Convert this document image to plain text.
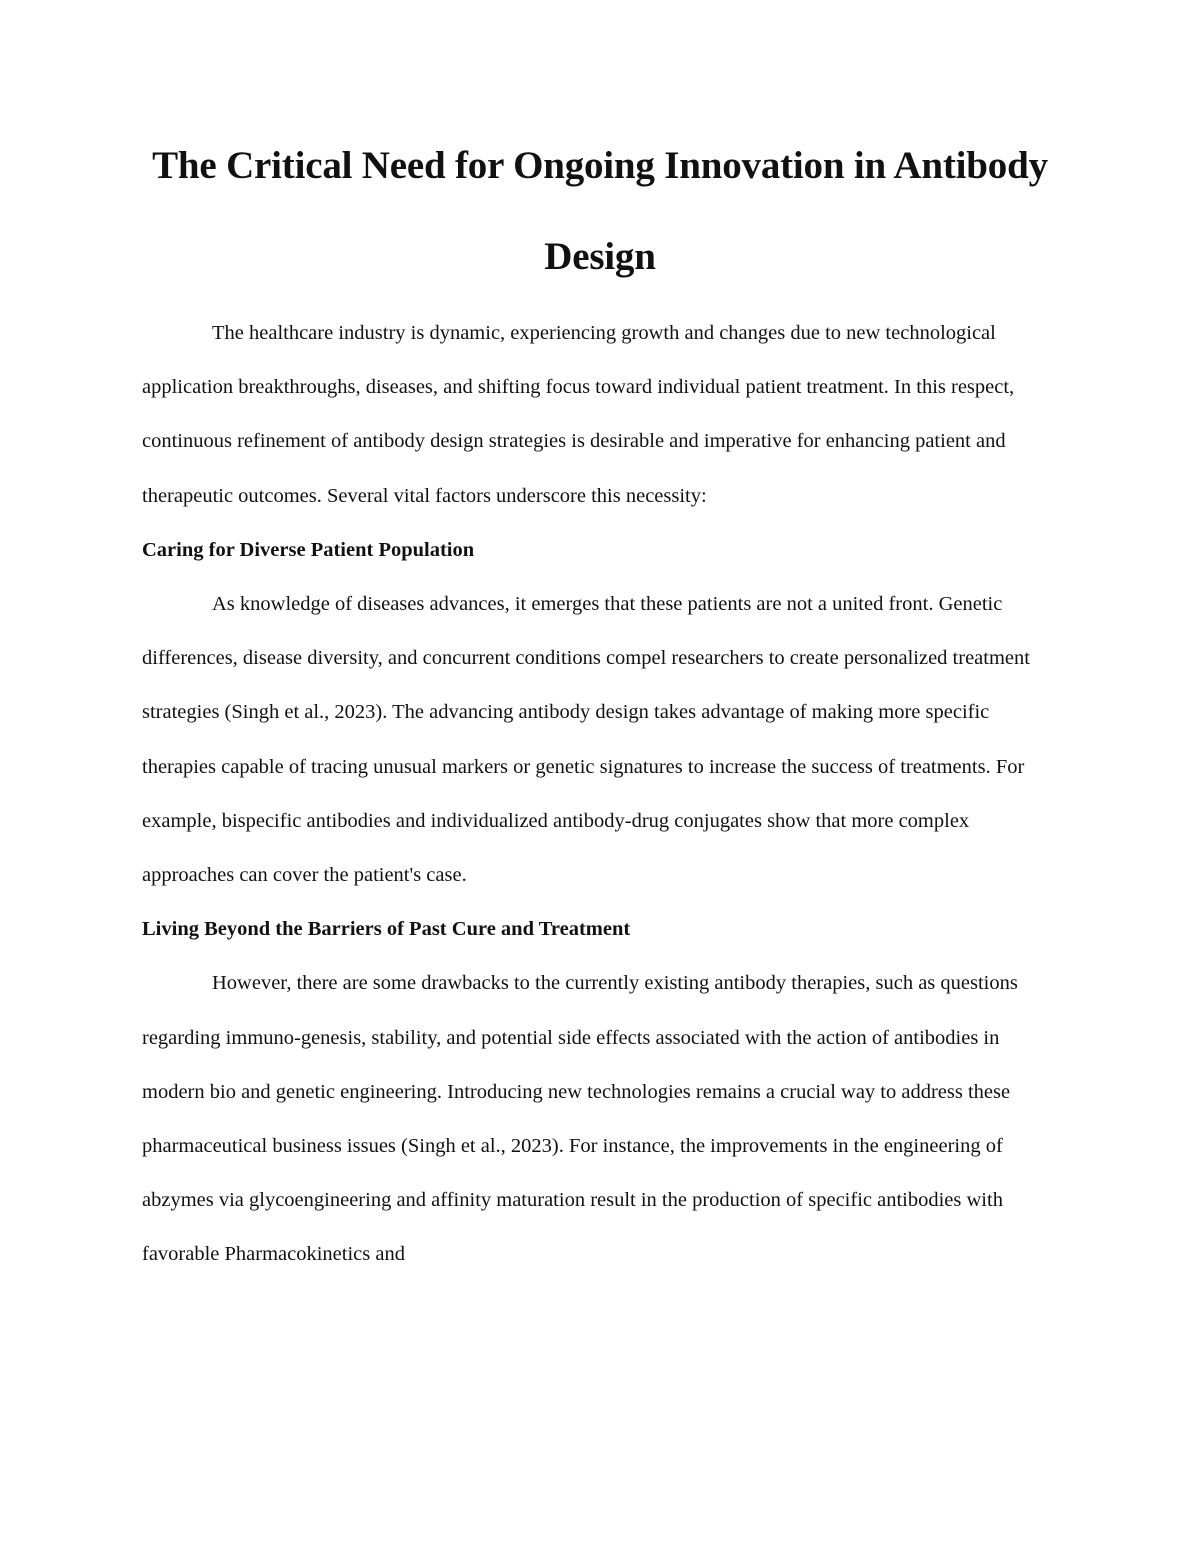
The Critical Need for Ongoing Innovation in Antibody Design

The healthcare industry is dynamic, experiencing growth and changes due to new technological application breakthroughs, diseases, and shifting focus toward individual patient treatment. In this respect, continuous refinement of antibody design strategies is desirable and imperative for enhancing patient and therapeutic outcomes. Several vital factors underscore this necessity:

Caring for Diverse Patient Population

As knowledge of diseases advances, it emerges that these patients are not a united front. Genetic differences, disease diversity, and concurrent conditions compel researchers to create personalized treatment strategies (Singh et al., 2023). The advancing antibody design takes advantage of making more specific therapies capable of tracing unusual markers or genetic signatures to increase the success of treatments. For example, bispecific antibodies and individualized antibody-drug conjugates show that more complex approaches can cover the patient's case.

Living Beyond the Barriers of Past Cure and Treatment

However, there are some drawbacks to the currently existing antibody therapies, such as questions regarding immuno-genesis, stability, and potential side effects associated with the action of antibodies in modern bio and genetic engineering. Introducing new technologies remains a crucial way to address these pharmaceutical business issues (Singh et al., 2023). For instance, the improvements in the engineering of abzymes via glycoengineering and affinity maturation result in the production of specific antibodies with favorable Pharmacokinetics and
